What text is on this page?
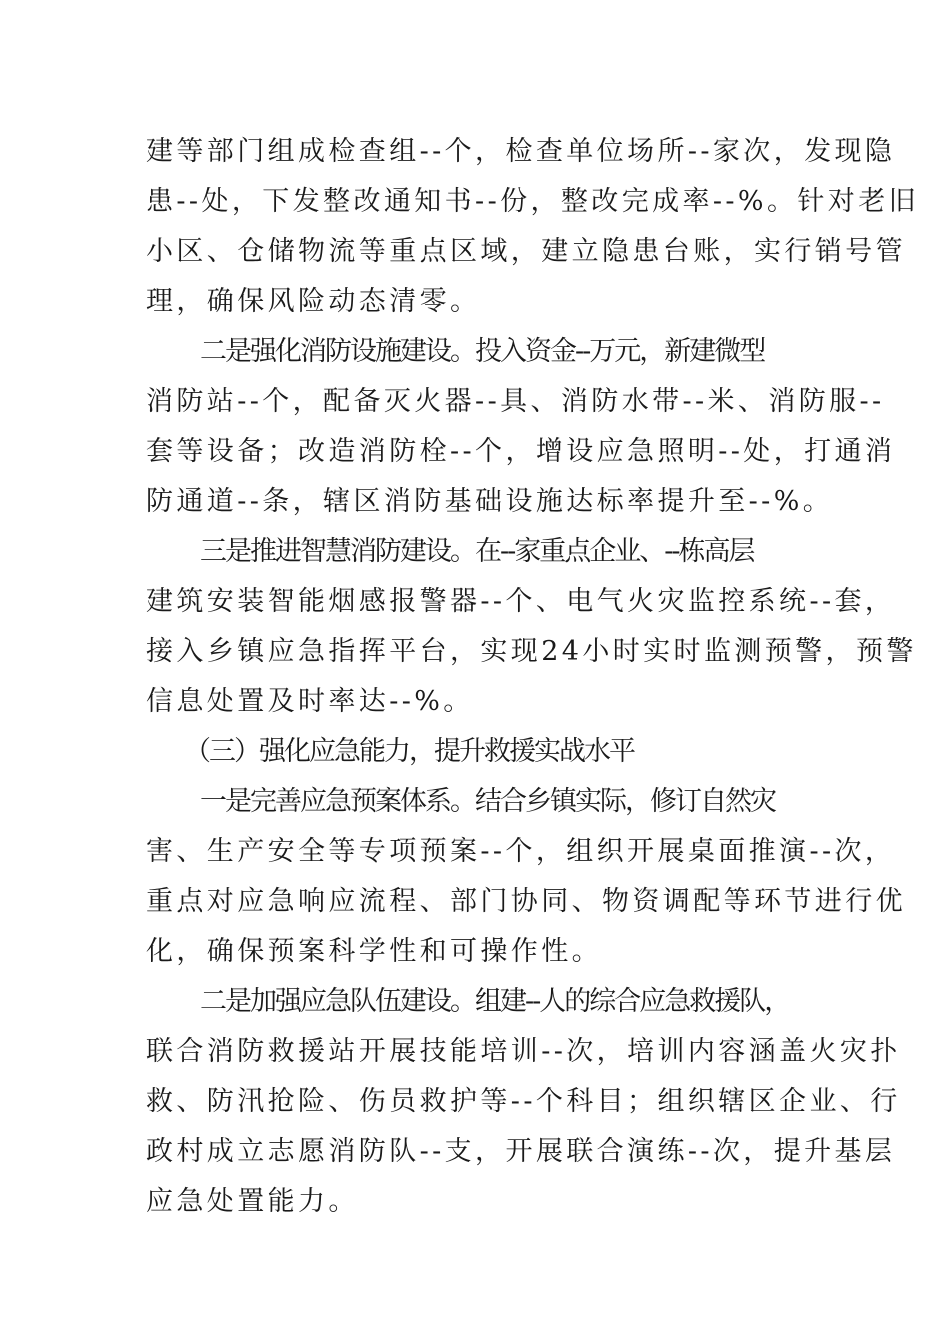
建等部门组成检查组--个，检查单位场所--家次，发现隐
患--处，下发整改通知书--份，整改完成率--%。针对老旧
小区、仓储物流等重点区域，建立隐患台账，实行销号管
理，确保风险动态清零。
二是强化消防设施建设。投入资金--万元，新建微型
消防站--个，配备灭火器--具、消防水带--米、消防服--
套等设备；改造消防栓--个，增设应急照明--处，打通消
防通道--条，辖区消防基础设施达标率提升至--%。
三是推进智慧消防建设。在--家重点企业、--栋高层
建筑安装智能烟感报警器--个、电气火灾监控系统--套，
接入乡镇应急指挥平台，实现24小时实时监测预警，预警
信息处置及时率达--%。
（三）强化应急能力，提升救援实战水平
一是完善应急预案体系。结合乡镇实际，修订自然灾
害、生产安全等专项预案--个，组织开展桌面推演--次，
重点对应急响应流程、部门协同、物资调配等环节进行优
化，确保预案科学性和可操作性。
二是加强应急队伍建设。组建--人的综合应急救援队，
联合消防救援站开展技能培训--次，培训内容涵盖火灾扑
救、防汛抢险、伤员救护等--个科目；组织辖区企业、行
政村成立志愿消防队--支，开展联合演练--次，提升基层
应急处置能力。
